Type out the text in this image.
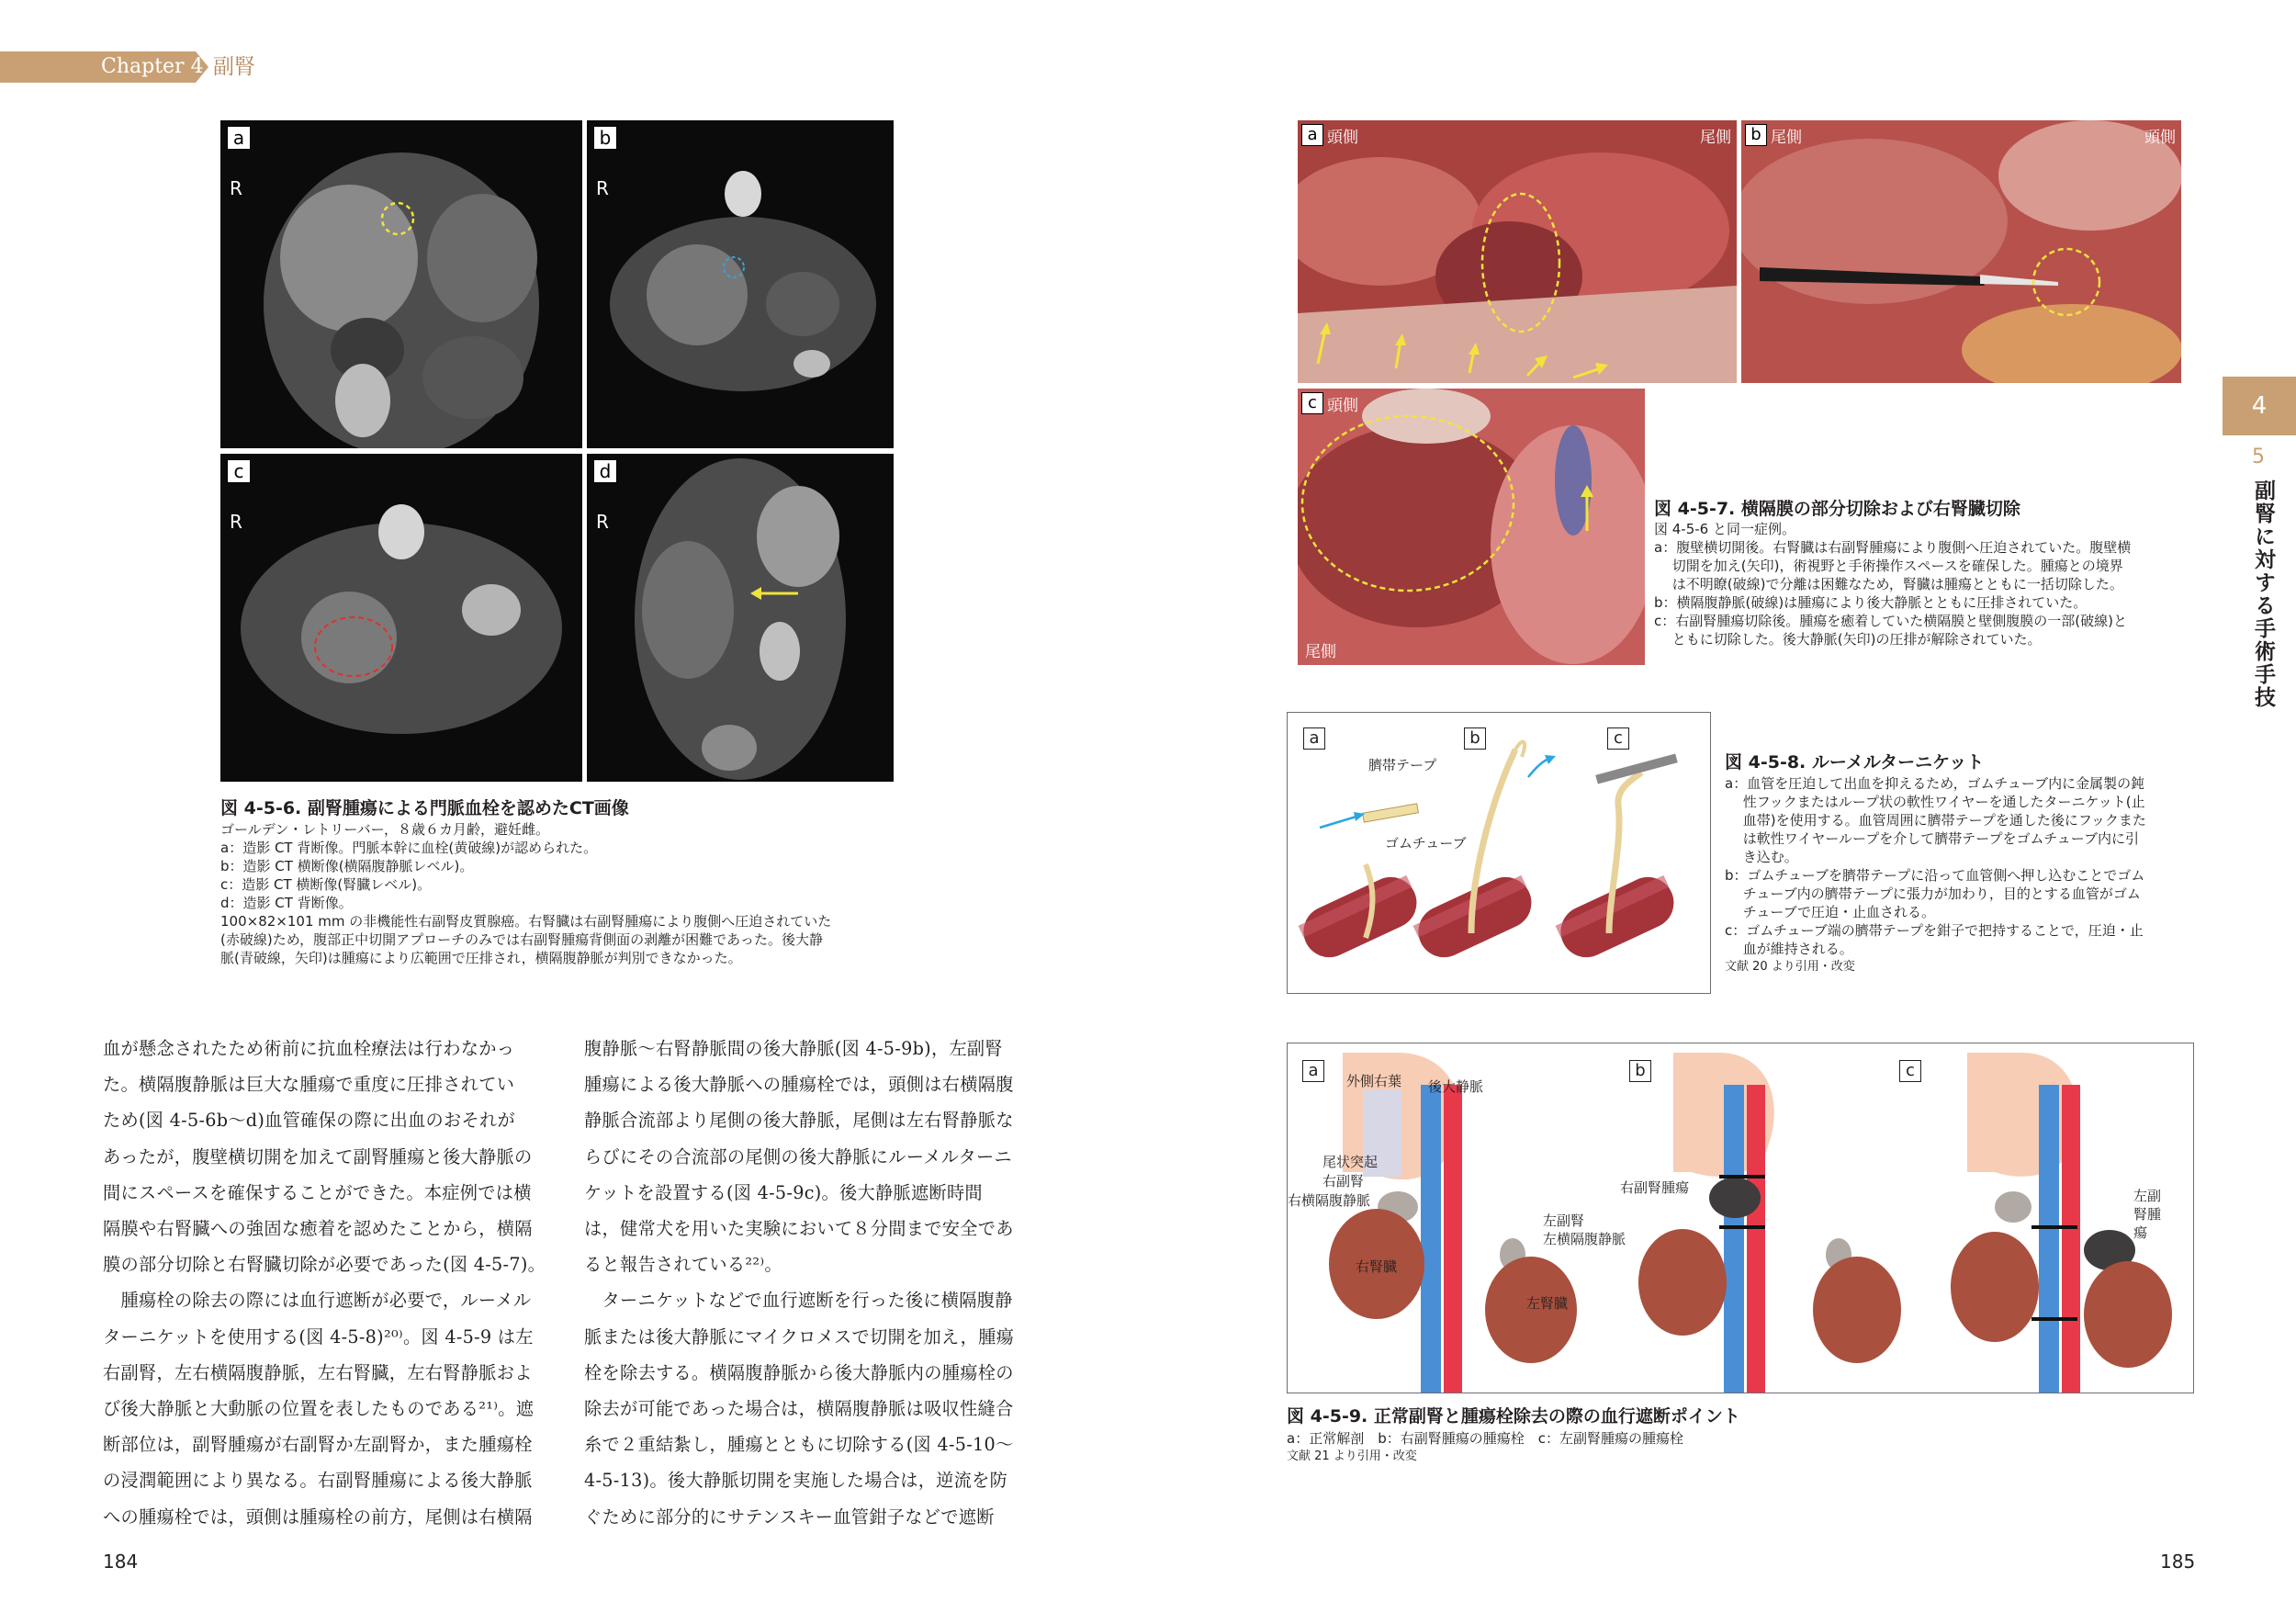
Chapter 4 副腎
a
R
b
R
c
R
d
R
図 4-5-6. 副腎腫瘍による門脈血栓を認めたCT画像
ゴールデン・レトリーバー，８歳６カ月齢，避妊雌。
a：造影 CT 背断像。門脈本幹に血栓(黄破線)が認められた。
b：造影 CT 横断像(横隔腹静脈レベル)。
c：造影 CT 横断像(腎臓レベル)。
d：造影 CT 背断像。
100×82×101 mm の非機能性右副腎皮質腺癌。右腎臓は右副腎腫瘍により腹側へ圧迫されていた
(赤破線)ため，腹部正中切開アプローチのみでは右副腎腫瘍背側面の剥離が困難であった。後大静
脈(青破線，矢印)は腫瘍により広範囲で圧排され，横隔腹静脈が判別できなかった。

血が懸念されたため術前に抗血栓療法は行わなかっ

た。横隔腹静脈は巨大な腫瘍で重度に圧排されてい

ため(図 4-5-6b～d)血管確保の際に出血のおそれが

あったが，腹壁横切開を加えて副腎腫瘍と後大静脈の

間にスペースを確保することができた。本症例では横

隔膜や右腎臓への強固な癒着を認めたことから，横隔

膜の部分切除と右腎臓切除が必要であった(図 4-5-7)。

　腫瘍栓の除去の際には血行遮断が必要で，ルーメル

ターニケットを使用する(図 4-5-8)²⁰⁾。図 4-5-9 は左

右副腎，左右横隔腹静脈，左右腎臓，左右腎静脈およ

び後大静脈と大動脈の位置を表したものである²¹⁾。遮

断部位は，副腎腫瘍が右副腎か左副腎か，また腫瘍栓

の浸潤範囲により異なる。右副腎腫瘍による後大静脈

への腫瘍栓では，頭側は腫瘍栓の前方，尾側は右横隔

腹静脈～右腎静脈間の後大静脈(図 4-5-9b)，左副腎

腫瘍による後大静脈への腫瘍栓では，頭側は右横隔腹

静脈合流部より尾側の後大静脈，尾側は左右腎静脈な

らびにその合流部の尾側の後大静脈にルーメルターニ

ケットを設置する(図 4-5-9c)。後大静脈遮断時間

は，健常犬を用いた実験において８分間まで安全であ

ると報告されている²²⁾。

　ターニケットなどで血行遮断を行った後に横隔腹静

脈または後大静脈にマイクロメスで切開を加え，腫瘍

栓を除去する。横隔腹静脈から後大静脈内の腫瘍栓の

除去が可能であった場合は，横隔腹静脈は吸収性縫合

糸で２重結紮し，腫瘍とともに切除する(図 4-5-10～

4-5-13)。後大静脈切開を実施した場合は，逆流を防

ぐために部分的にサテンスキー血管鉗子などで遮断

184	185
a 頭側	尾側	b 尾側	頭側
c 頭側
尾側
図 4-5-7. 横隔膜の部分切除および右腎臓切除
図 4-5-6 と同一症例。
a：腹壁横切開後。右腎臓は右副腎腫瘍により腹側へ圧迫されていた。腹壁横
　 切開を加え(矢印)，術視野と手術操作スペースを確保した。腫瘍との境界
　 は不明瞭(破線)で分離は困難なため，腎臓は腫瘍とともに一括切除した。
b：横隔腹静脈(破線)は腫瘍により後大静脈とともに圧排されていた。
c：右副腎腫瘍切除後。腫瘍を癒着していた横隔膜と壁側腹膜の一部(破線)と
　 ともに切除した。後大静脈(矢印)の圧排が解除されていた。
a	b	c
臍帯テープ
ゴムチューブ
図 4-5-8. ルーメルターニケット
a：血管を圧迫して出血を抑えるため，ゴムチューブ内に金属製の鈍
　 性フックまたはループ状の軟性ワイヤーを通したターニケット(止
　 血帯)を使用する。血管周囲に臍帯テープを通した後にフックまた
　 は軟性ワイヤーループを介して臍帯テープをゴムチューブ内に引
　 き込む。
b：ゴムチューブを臍帯テープに沿って血管側へ押し込むことでゴム
　 チューブ内の臍帯テープに張力が加わり，目的とする血管がゴム
　 チューブで圧迫・止血される。
c：ゴムチューブ端の臍帯テープを鉗子で把持することで，圧迫・止
　 血が維持される。
文献 20 より引用・改変
a	b	c
外側右葉 後大静脈
尾状突起
右副腎
右横隔腹静脈
左副腎
左横隔腹静脈
右腎臓
左腎臓
右副腎腫瘍	左副腎腫瘍
図 4-5-9. 正常副腎と腫瘍栓除去の際の血行遮断ポイント
a：正常解剖　b：右副腎腫瘍の腫瘍栓　c：左副腎腫瘍の腫瘍栓
文献 21 より引用・改変
4
5
副腎に対する手術手技
